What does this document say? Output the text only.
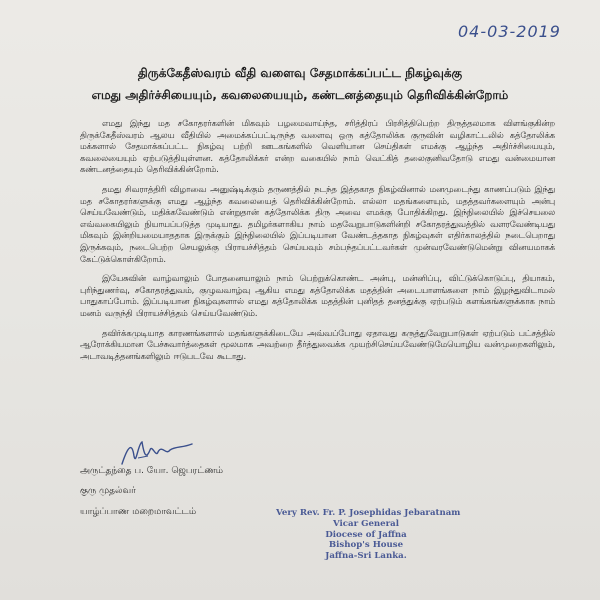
04-03-2019
திருக்கேதீஸ்வரம் வீதி வளைவு சேதமாக்கப்பட்ட நிகழ்வுக்கு
எமது அதிர்ச்சியையும், கவலையையும், கண்டனத்தையும் தெரிவிக்கின்றோம்

எமது இந்து மத சகோதரர்களின் மிகவும் பழமைவாய்ந்த, சரித்திரப் பிரசித்திபெற்ற திருத்தலமாக விளங்குகின்ற திருக்கேதீஸ்வரம் ஆலய வீதியில் அமைக்கப்பட்டிருந்த வளைவு ஒரு கத்தோலிக்க குருவின் வழிகாட்டலில் கத்தோலிக்க மக்களால் சேதமாக்கப்பட்ட நிகழ்வு பற்றி ஊடகங்களில் வெளியான செய்திகள் எமக்கு ஆழ்ந்த அதிர்ச்சியையும், கவலையையும் ஏற்படுத்தியுள்ளன. கத்தோலிக்கர் என்ற வகையில் நாம் வெட்கித் தலைகுனிவதோடு எமது வன்மையான கண்டனத்தையும் தெரிவிக்கின்றோம்.

தமது சிவராத்திரி விழாவை அனுஷ்டிக்கும் தருணத்தில் நடந்த இத்தகாத நிகழ்வினால் மனமுடைந்து காணப்படும் இந்து மத சகோதரர்களுக்கு எமது ஆழ்ந்த கவலையைத் தெரிவிக்கின்றோம். எல்லா மதங்களையும், மதத்தவர்களையும் அன்பு செய்யவேண்டும், மதிக்கவேண்டும் என்றுதான் கத்தோலிக்க திரு அவை எமக்கு போதிக்கிறது. இந்நிலையில் இச்செயலை எவ்வகையிலும் நியாயப்படுத்த முடியாது. தமிழர்களாகிய நாம் மதவேறுபாடுகளின்றி சகோதரத்துவத்தில் வளரவேண்டியது மிகவும் இன்றியமையாததாக இருக்கும் இந்நிலையில் இப்படியான வேண்டத்தகாத நிகழ்வுகள் எதிர்காலத்தில் நடைபெறாது இருக்கவும், நடைபெற்ற செயலுக்கு பிராயச்சித்தம் செய்யவும் சம்பந்தப்பட்டவர்கள் முன்வரவேண்டுமென்று வினயமாகக் கேட்டுக்கொள்கிறோம்.

இயேசுவின் வாழ்வாலும் போதனையாலும் நாம் பெற்றுக்கொண்ட அன்பு, மன்னிப்பு, விட்டுக்கொடுப்பு, தியாகம், புரிந்துணர்வு, சகோதரத்துவம், குழுவவாழ்வு ஆகிய எமது கத்தோலிக்க மதத்தின் அடையாளங்களை நாம் இழந்துவிடாமல் பாதுகாப்போம். இப்படியான நிகழ்வுகளால் எமது கத்தோலிக்க மதத்தின் புனிதத் தனத்துக்கு ஏற்படும் களங்கங்களுக்காக நாம் மனம் வருந்தி பிராயச்சித்தம் செய்யவேண்டும்.

தவிர்க்கமுடியாத காரணங்களால் மதங்களுக்கிடையே அவ்வப்போது ஏதாவது கருத்துவேறுபாடுகள் ஏற்படும் பட்சத்தில் ஆரோக்கியமான பேச்சுவார்த்தைகள் மூலமாக அவற்றை தீர்த்துவைக்க முயற்சிசெய்யவேண்டுமேயொழிய வன்முறைகளிலும், அடாவடித்தனங்களிலும் ஈடுபடவே கூடாது.

அருட்தந்தை ப. யோ. ஜெபரட்ணம்
குரு முதல்வர்
யாழ்ப்பாண மறைமாவட்டம்	Very Rev. Fr. P. Josephidas Jebaratnam
Vicar General
Diocese of Jaffna
Bishop's House
Jaffna-Sri Lanka.
